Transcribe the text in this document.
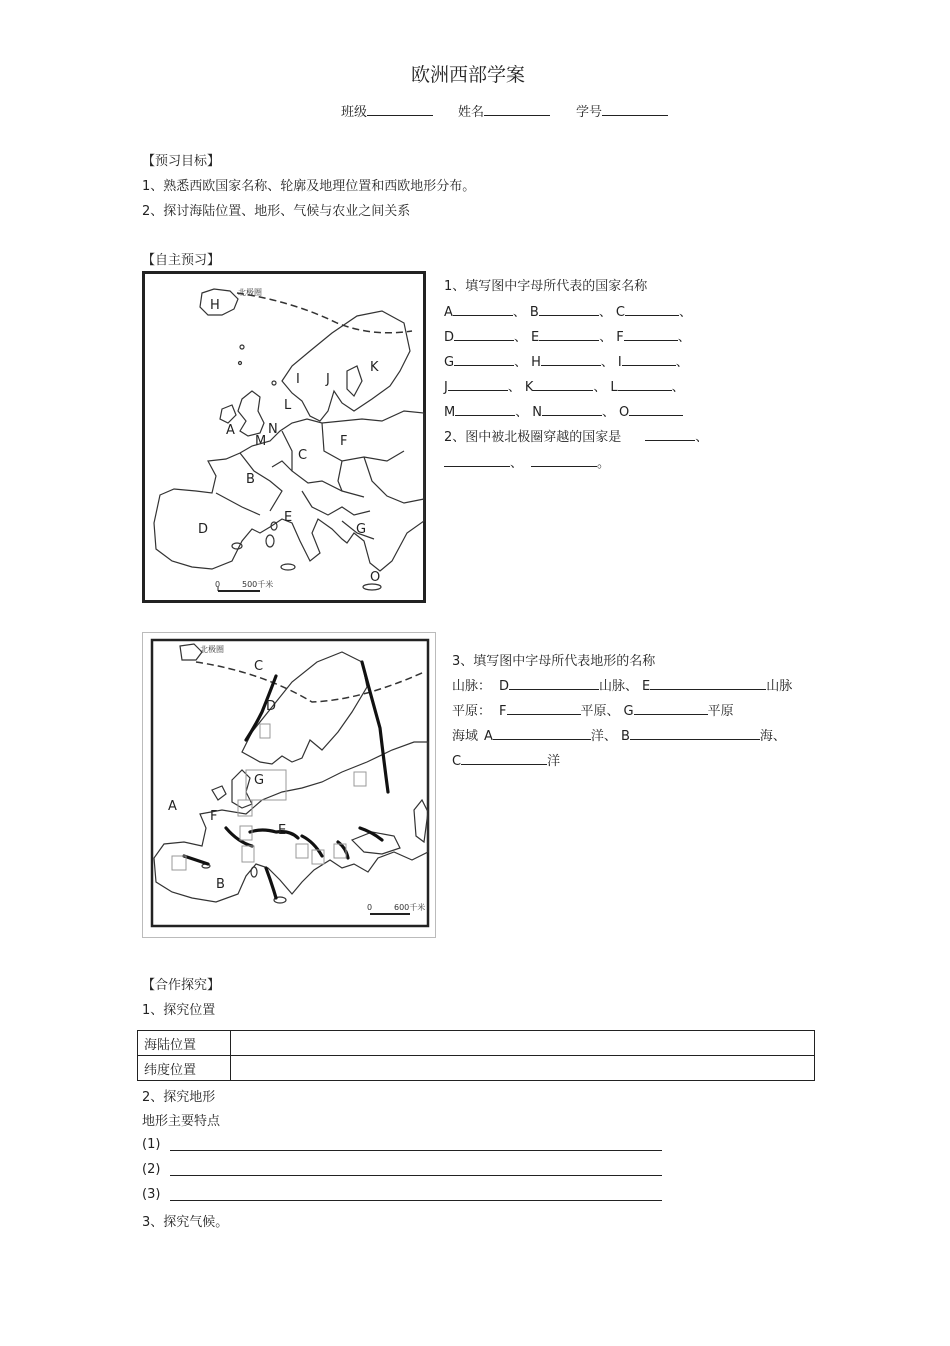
欧洲西部学案
班级	姓名	学号
【预习目标】
1、熟悉西欧国家名称、轮廓及地理位置和西欧地形分布。
2、探讨海陆位置、地形、气候与农业之间关系
【自主预习】
0	500千米
北极圈
H
I J
K
L
A
M
N
C
F
B
D
E
G
O
1、填写图中字母所代表的国家名称
A	、 B	、 C	、
D	、 E	、 F	、
G	、 H	、 I	、
J	、 K	、 L	、
M	、 N	、 O
2、图中被北极圈穿越的国家是	、
、	。
0	600千米
北极圈
C
D
G
A
F
E
B
3、填写图中字母所代表地形的名称
山脉： D	山脉、 E	山脉
平原： F	平原、 G	平原
海域 A	洋、 B	海、
C	洋
【合作探究】
1、探究位置
海陆位置	
纬度位置	
2、探究地形
地形主要特点
(1)
(2)
(3)
3、探究气候。
